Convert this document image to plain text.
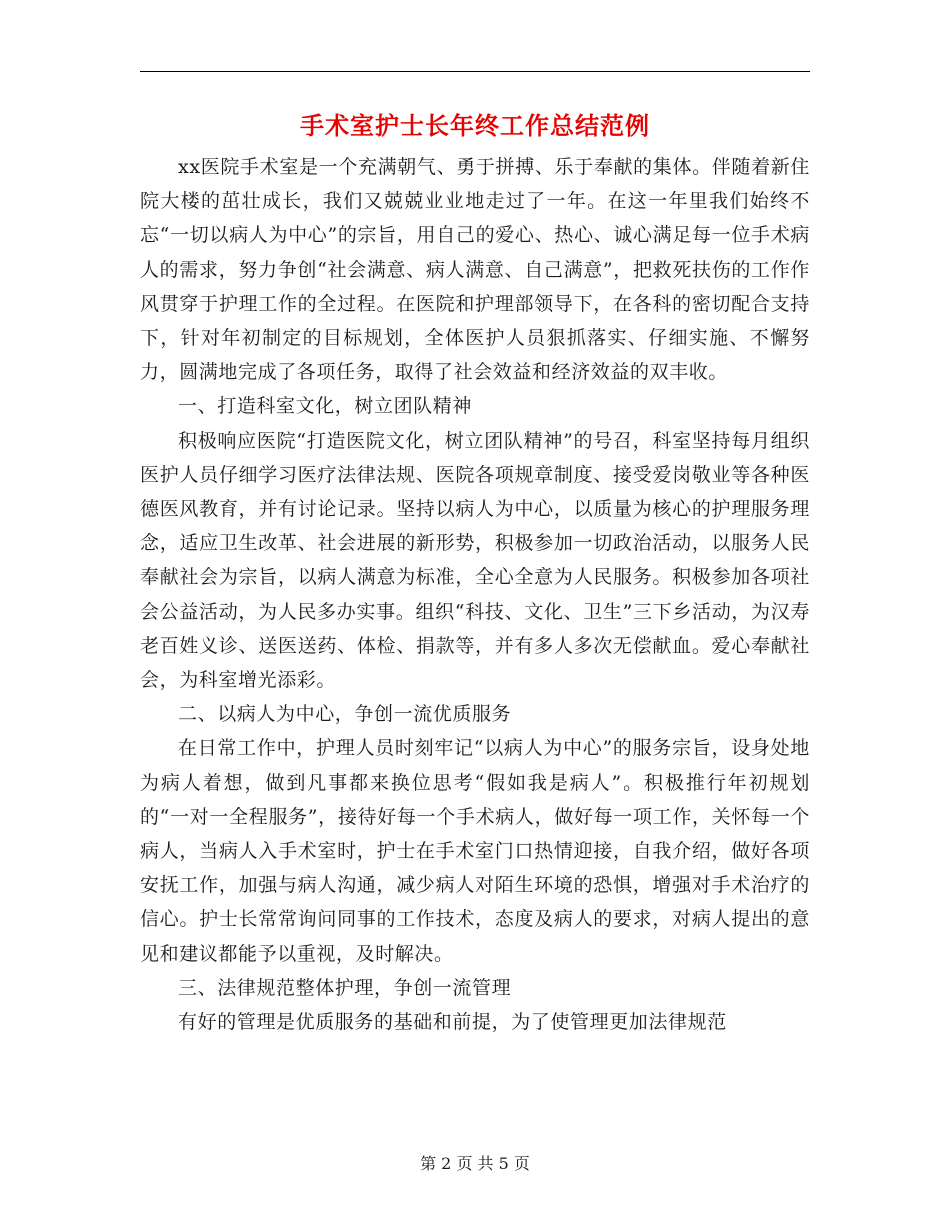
手术室护士长年终工作总结范例

xx医院手术室是一个充满朝气、勇于拼搏、乐于奉献的集体。伴随着新住院大楼的茁壮成长，我们又兢兢业业地走过了一年。在这一年里我们始终不忘“一切以病人为中心”的宗旨，用自己的爱心、热心、诚心满足每一位手术病人的需求，努力争创“社会满意、病人满意、自己满意”，把救死扶伤的工作作风贯穿于护理工作的全过程。在医院和护理部领导下，在各科的密切配合支持下，针对年初制定的目标规划，全体医护人员狠抓落实、仔细实施、不懈努力，圆满地完成了各项任务，取得了社会效益和经济效益的双丰收。

一、打造科室文化，树立团队精神

积极响应医院“打造医院文化，树立团队精神”的号召，科室坚持每月组织医护人员仔细学习医疗法律法规、医院各项规章制度、接受爱岗敬业等各种医德医风教育，并有讨论记录。坚持以病人为中心，以质量为核心的护理服务理念，适应卫生改革、社会进展的新形势，积极参加一切政治活动，以服务人民奉献社会为宗旨，以病人满意为标准，全心全意为人民服务。积极参加各项社会公益活动，为人民多办实事。组织“科技、文化、卫生”三下乡活动，为汉寿老百姓义诊、送医送药、体检、捐款等，并有多人多次无偿献血。爱心奉献社会，为科室增光添彩。

二、以病人为中心，争创一流优质服务

在日常工作中，护理人员时刻牢记“以病人为中心”的服务宗旨，设身处地为病人着想，做到凡事都来换位思考“假如我是病人”。积极推行年初规划的“一对一全程服务”，接待好每一个手术病人，做好每一项工作，关怀每一个病人，当病人入手术室时，护士在手术室门口热情迎接，自我介绍，做好各项安抚工作，加强与病人沟通，减少病人对陌生环境的恐惧，增强对手术治疗的信心。护士长常常询问同事的工作技术，态度及病人的要求，对病人提出的意见和建议都能予以重视，及时解决。

三、法律规范整体护理，争创一流管理

有好的管理是优质服务的基础和前提，为了使管理更加法律规范

第 2 页 共 5 页
